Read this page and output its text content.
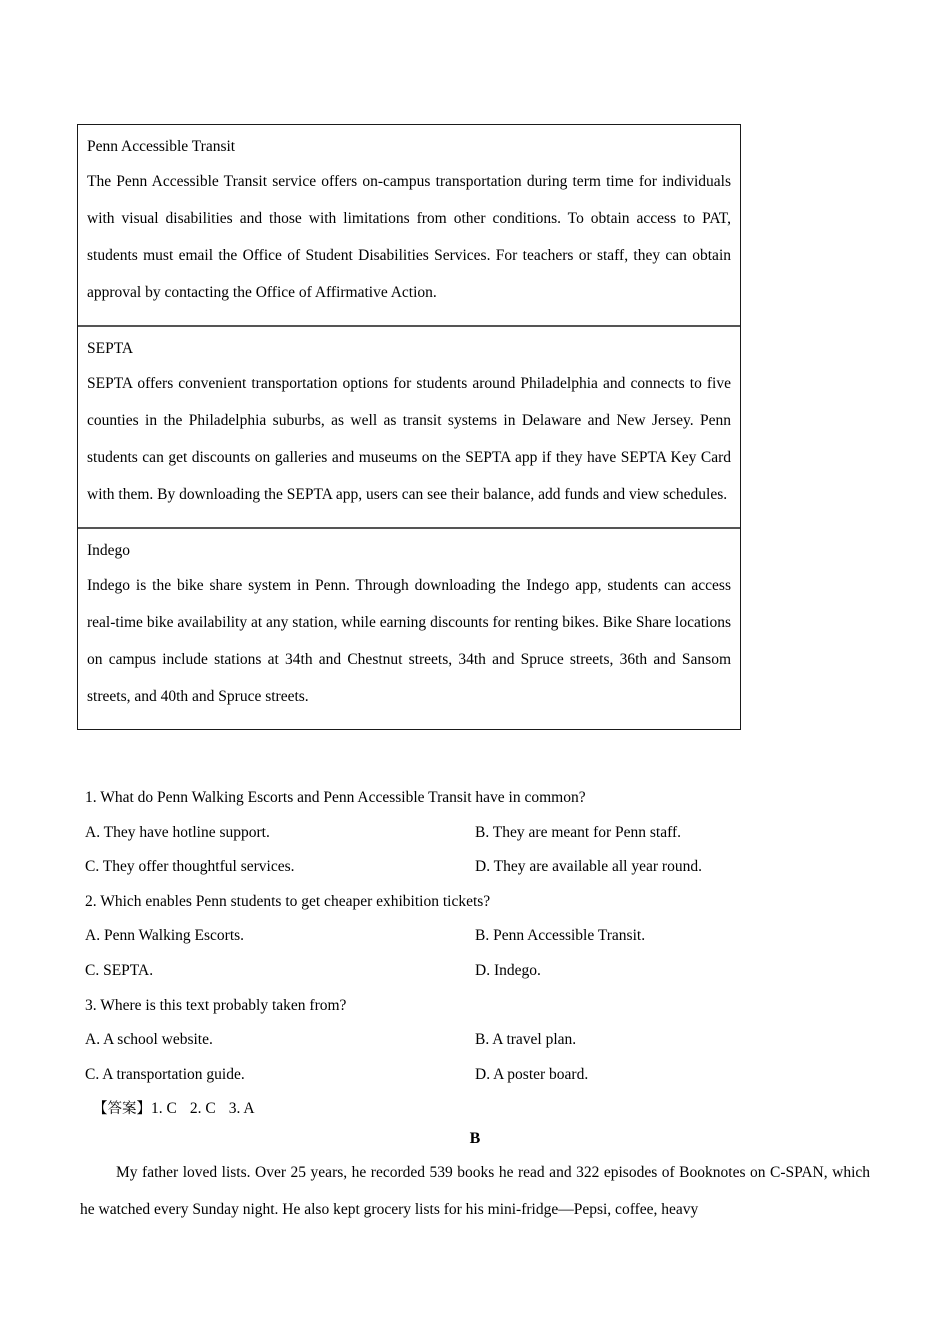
Penn Accessible Transit

The Penn Accessible Transit service offers on-campus transportation during term time for individuals with visual disabilities and those with limitations from other conditions. To obtain access to PAT, students must email the Office of Student Disabilities Services. For teachers or staff, they can obtain approval by contacting the Office of Affirmative Action.

SEPTA

SEPTA offers convenient transportation options for students around Philadelphia and connects to five counties in the Philadelphia suburbs, as well as transit systems in Delaware and New Jersey. Penn students can get discounts on galleries and museums on the SEPTA app if they have SEPTA Key Card with them. By downloading the SEPTA app, users can see their balance, add funds and view schedules.

Indego

Indego is the bike share system in Penn. Through downloading the Indego app, students can access real-time bike availability at any station, while earning discounts for renting bikes. Bike Share locations on campus include stations at 34th and Chestnut streets, 34th and Spruce streets, 36th and Sansom streets, and 40th and Spruce streets.

1. What do Penn Walking Escorts and Penn Accessible Transit have in common?

A. They have hotline support.	B. They are meant for Penn staff.
C. They offer thoughtful services.	D. They are available all year round.

2. Which enables Penn students to get cheaper exhibition tickets?

A. Penn Walking Escorts.	B. Penn Accessible Transit.
C. SEPTA.	D. Indego.

3. Where is this text probably taken from?

A. A school website.	B. A travel plan.
C. A transportation guide.	D. A poster board.

【答案】1. C 2. C 3. A

B

My father loved lists. Over 25 years, he recorded 539 books he read and 322 episodes of Booknotes on C-SPAN, which he watched every Sunday night. He also kept grocery lists for his mini-fridge—Pepsi, coffee, heavy
